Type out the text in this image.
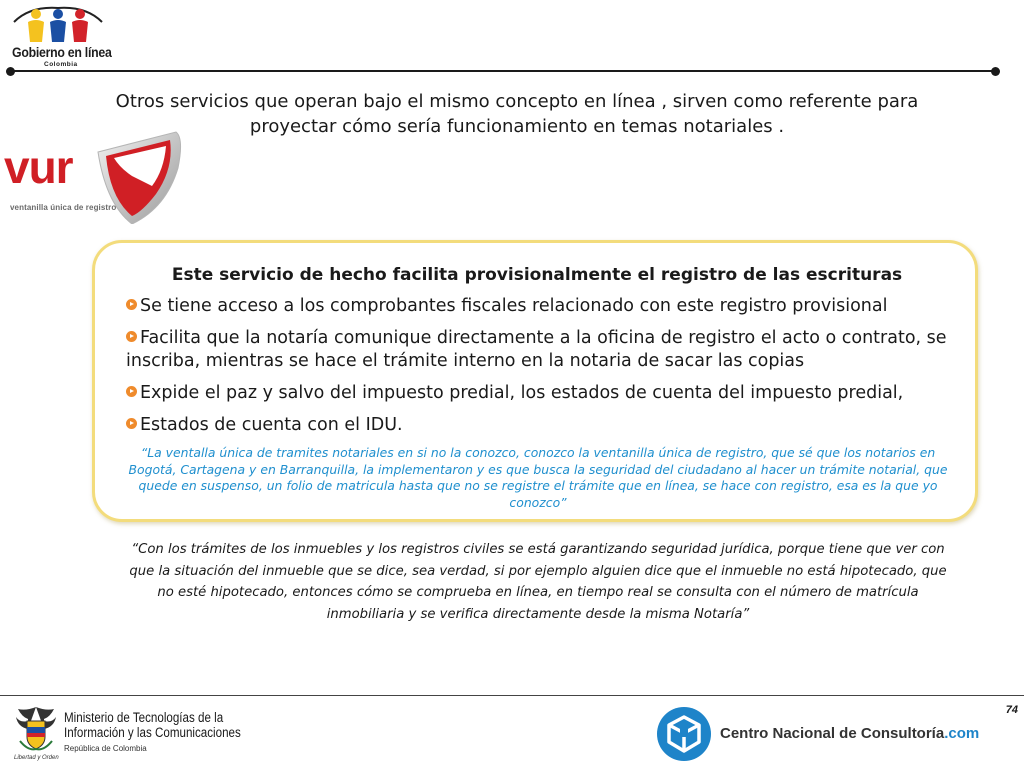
Gobierno en línea
Colombia

Otros servicios que operan bajo el mismo concepto en línea , sirven como referente para proyectar cómo sería funcionamiento en temas notariales .

vur
ventanilla única de registro

Este servicio de hecho facilita provisionalmente el registro de las escrituras

Se tiene acceso a los comprobantes fiscales relacionado con este registro provisional
Facilita que la notaría comunique directamente a la oficina de registro el acto o contrato, se inscriba, mientras se hace el trámite interno en la notaria de sacar las copias
Expide el paz y salvo del impuesto predial, los estados de cuenta del impuesto predial,
Estados de cuenta con el IDU.

“La ventalla única de tramites notariales en si no la conozco, conozco la ventanilla única de registro, que sé que los notarios en Bogotá, Cartagena y en Barranquilla, la implementaron y es que busca la seguridad del ciudadano al hacer un trámite notarial, que quede en suspenso, un folio de matricula hasta que no se registre el trámite que en línea, se hace con registro, esa es la que yo conozco”

“Con los trámites de los inmuebles y los registros civiles se está garantizando seguridad jurídica, porque tiene que ver con que la situación del inmueble que se dice, sea verdad, si por ejemplo alguien dice que el inmueble no está hipotecado, que no esté hipotecado, entonces cómo se comprueba en línea, en tiempo real se consulta con el número de matrícula inmobiliaria y se verifica directamente desde la misma Notaría”

74
Ministerio de Tecnologías de la
Información y las Comunicaciones
República de Colombia
Libertad y Orden
Centro Nacional de Consultoría.com
